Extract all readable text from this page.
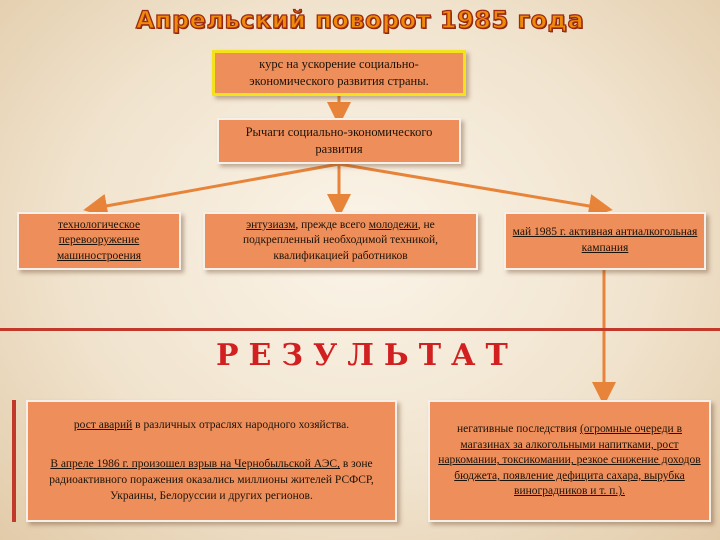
Апрельский поворот 1985 года
курс на ускорение социально-экономического развития страны.
Рычаги социально-экономического развития
технологическое перевооружение машиностроения
энтузиазм, прежде всего молодежи, не подкрепленный необходимой техникой, квалификацией работников
май 1985 г. активная антиалкогольная кампания
РЕЗУЛЬТАТ
рост аварий в различных отраслях народного хозяйства.
В апреле 1986 г. произошел взрыв на Чернобыльской АЭС, в зоне радиоактивного поражения оказались миллионы жителей РСФСР, Украины, Белоруссии и других регионов.
негативные последствия (огромные очереди в магазинах за алкогольными напитками, рост наркомании, токсикомании, резкое снижение доходов бюджета, появление дефицита сахара, вырубка виноградников и т. п.).
